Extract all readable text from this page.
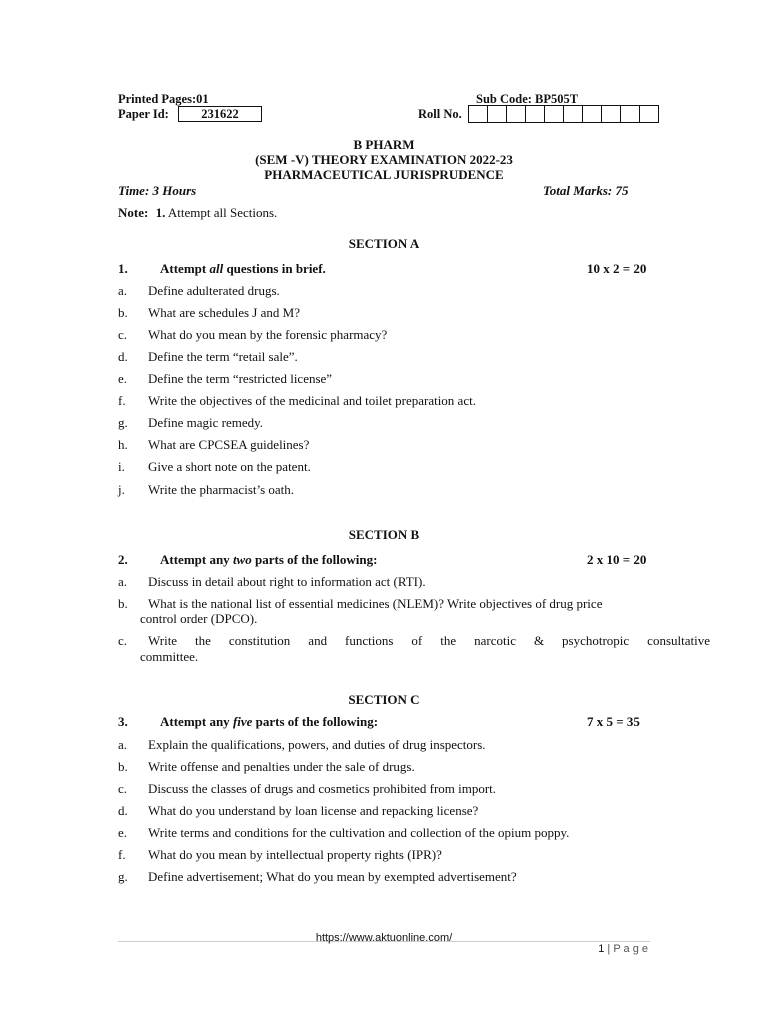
Printed Pages:01	Sub Code: BP505T
Paper Id:	231622	Roll No.
B PHARM
(SEM -V) THEORY EXAMINATION 2022-23
PHARMACEUTICAL JURISPRUDENCE
Time: 3 Hours	Total Marks: 75
Note: 1. Attempt all Sections.
SECTION A
1. Attempt all questions in brief.	10 x 2 = 20
a. Define adulterated drugs.
b. What are schedules J and M?
c. What do you mean by the forensic pharmacy?
d. Define the term “retail sale”.
e. Define the term “restricted license”
f. Write the objectives of the medicinal and toilet preparation act.
g. Define magic remedy.
h. What are CPCSEA guidelines?
i. Give a short note on the patent.
j. Write the pharmacist’s oath.
SECTION B
2. Attempt any two parts of the following:	2 x 10 = 20
a. Discuss in detail about right to information act (RTI).
b. What is the national list of essential medicines (NLEM)? Write objectives of drug price
control order (DPCO).
c. Write the constitution and functions of the narcotic & psychotropic consultative
committee.
SECTION C
3. Attempt any five parts of the following:	7 x 5 = 35
a. Explain the qualifications, powers, and duties of drug inspectors.
b. Write offense and penalties under the sale of drugs.
c. Discuss the classes of drugs and cosmetics prohibited from import.
d. What do you understand by loan license and repacking license?
e. Write terms and conditions for the cultivation and collection of the opium poppy.
f. What do you mean by intellectual property rights (IPR)?
g. Define advertisement; What do you mean by exempted advertisement?
https://www.aktuonline.com/
1 | P a g e
